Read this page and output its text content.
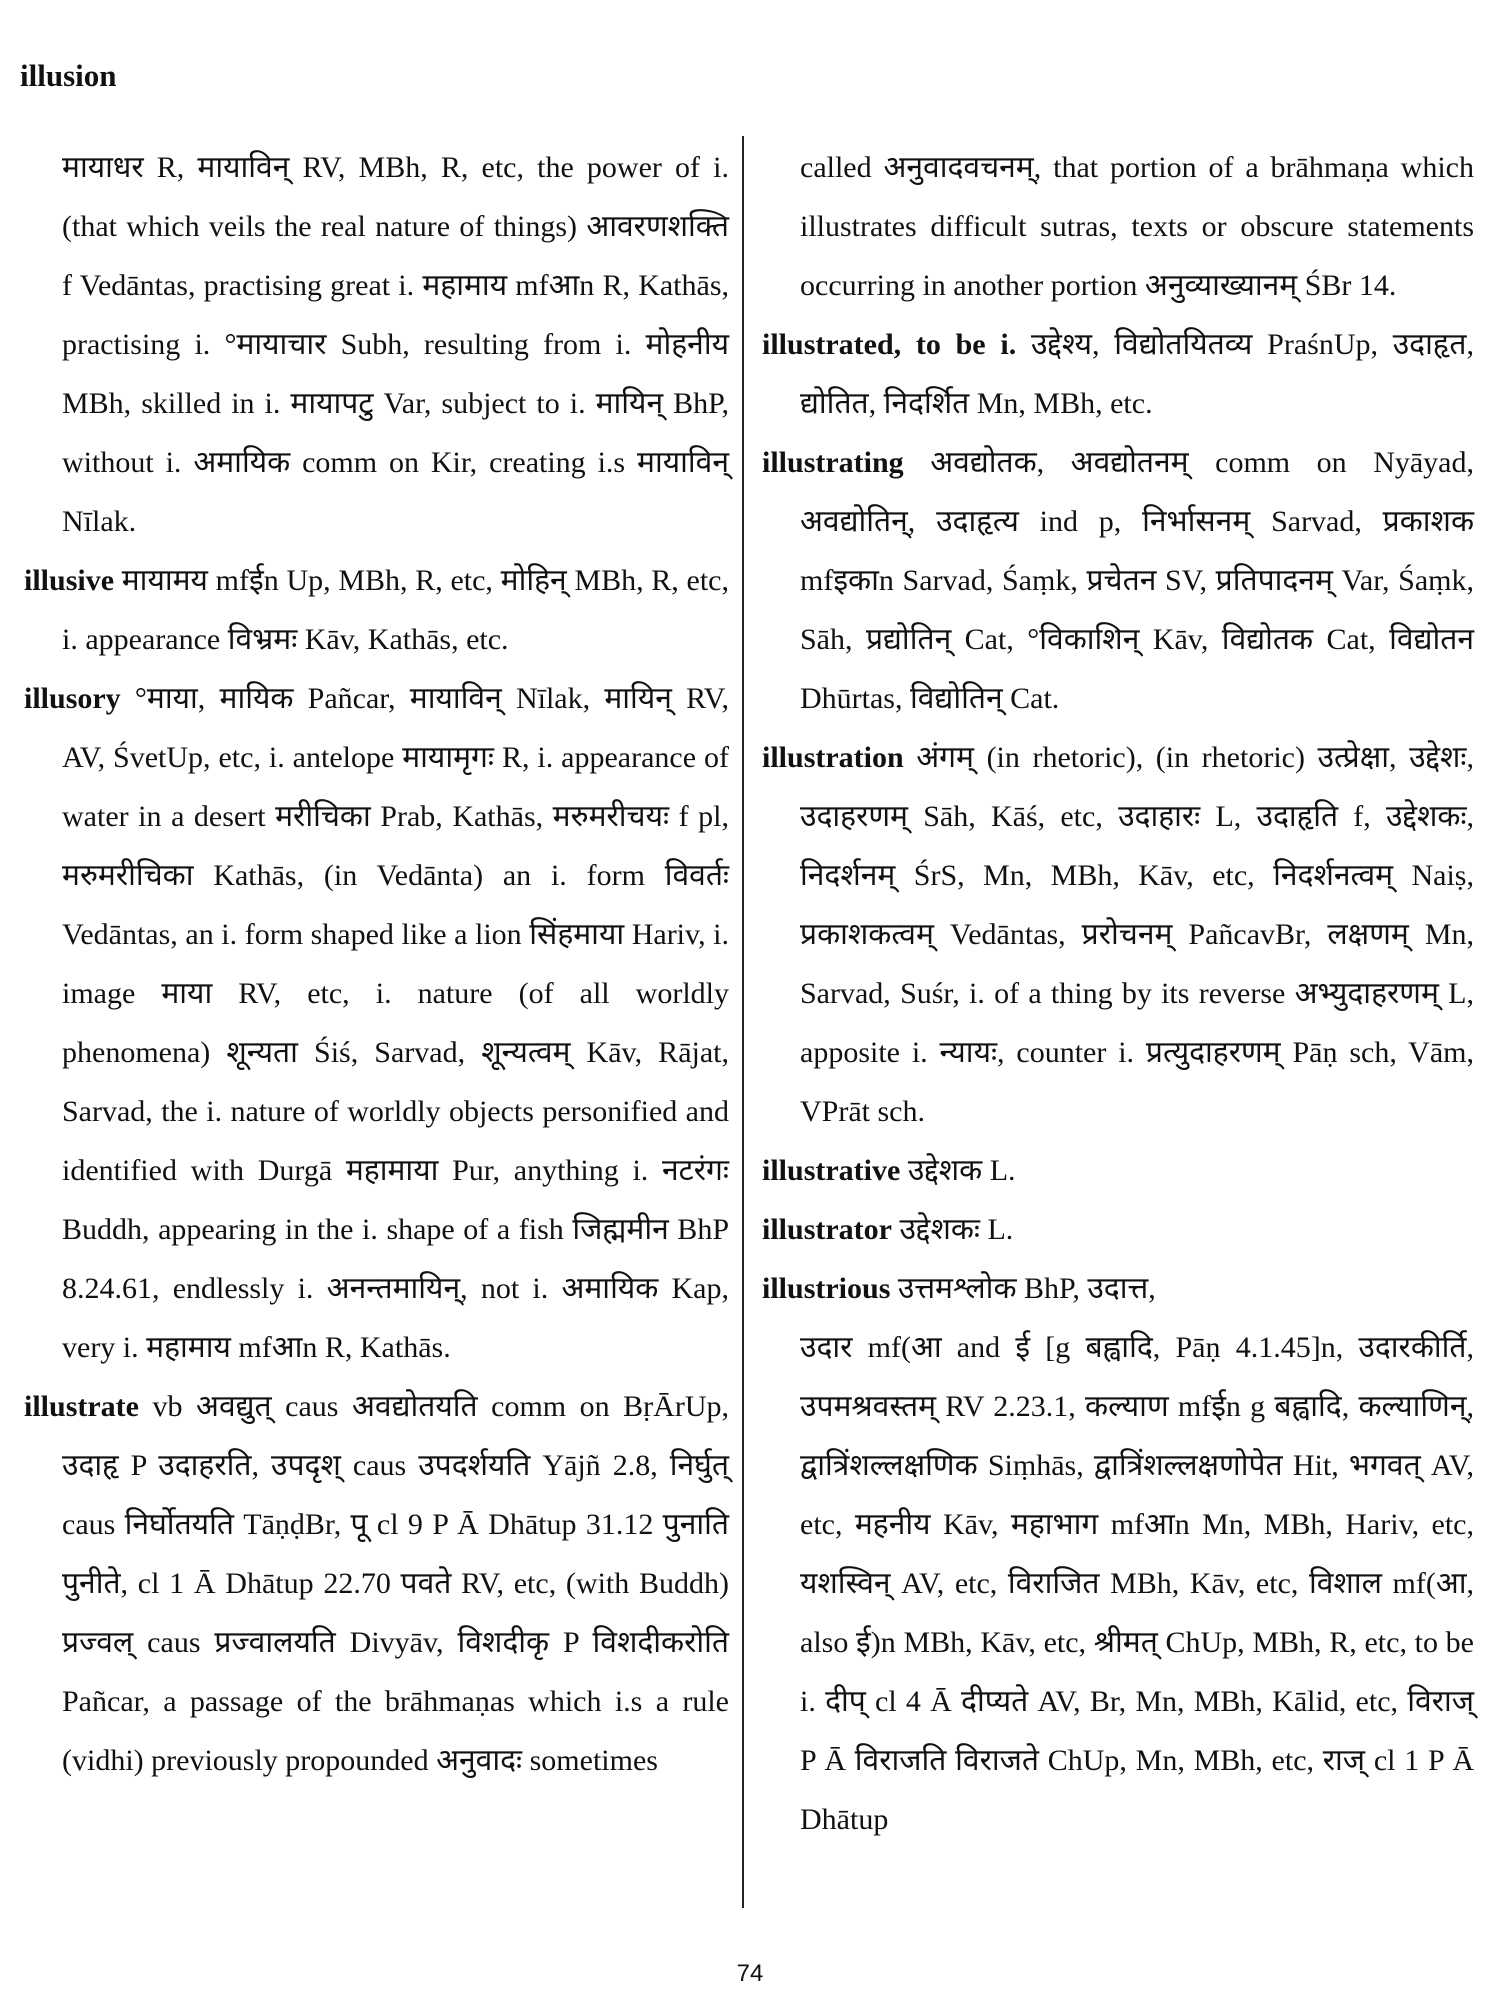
illusion

मायाधर R, मायाविन् RV, MBh, R, etc, the power of i. (that which veils the real nature of things) आवरणशक्ति f Vedāntas, practising great i. महामाय mfआn R, Kathās, practising i. °मायाचार Subh, resulting from i. मोहनीय MBh, skilled in i. मायापटु Var, subject to i. मायिन् BhP, without i. अमायिक comm on Kir, creating i.s मायाविन् Nīlak.

illusive मायामय mfईn Up, MBh, R, etc, मोहिन् MBh, R, etc, i. appearance विभ्रमः Kāv, Kathās, etc.

illusory °माया, मायिक Pañcar, मायाविन् Nīlak, मायिन् RV, AV, ŚvetUp, etc, i. antelope मायामृगः R, i. appearance of water in a desert मरीचिका Prab, Kathās, मरुमरीचयः f pl, मरुमरीचिका Kathās, (in Vedānta) an i. form विवर्तः Vedāntas, an i. form shaped like a lion सिंहमाया Hariv, i. image माया RV, etc, i. nature (of all worldly phenomena) शून्यता Śiś, Sarvad, शून्यत्वम् Kāv, Rājat, Sarvad, the i. nature of worldly objects personified and identified with Durgā महामाया Pur, anything i. नटरंगः Buddh, appearing in the i. shape of a fish जिह्ममीन BhP 8.24.61, endlessly i. अनन्तमायिन्, not i. अमायिक Kap, very i. महामाय mfआn R, Kathās.

illustrate vb अवद्युत् caus अवद्योतयति comm on BṛĀrUp, उदाहृ P उदाहरति, उपदृश् caus उपदर्शयति Yājñ 2.8, निर्घुत् caus निर्घोतयति TāṇḍBr, पू cl 9 P Ā Dhātup 31.12 पुनाति पुनीते, cl 1 Ā Dhātup 22.70 पवते RV, etc, (with Buddh) प्रज्वल् caus प्रज्वालयति Divyāv, विशदीकृ P विशदीकरोति Pañcar, a passage of the brāhmaṇas which i.s a rule (vidhi) previously propounded अनुवादः sometimes

called अनुवादवचनम्, that portion of a brāhmaṇa which illustrates difficult sutras, texts or obscure statements occurring in another portion अनुव्याख्यानम् ŚBr 14.

illustrated, to be i. उद्देश्य, विद्योतयितव्य PraśnUp, उदाहृत, द्योतित, निदर्शित Mn, MBh, etc.

illustrating अवद्योतक, अवद्योतनम् comm on Nyāyad, अवद्योतिन्, उदाहृत्य ind p, निर्भासनम् Sarvad, प्रकाशक mfइकाn Sarvad, Śaṃk, प्रचेतन SV, प्रतिपादनम् Var, Śaṃk, Sāh, प्रद्योतिन् Cat, °विकाशिन् Kāv, विद्योतक Cat, विद्योतन Dhūrtas, विद्योतिन् Cat.

illustration अंगम् (in rhetoric), (in rhetoric) उत्प्रेक्षा, उद्देशः, उदाहरणम् Sāh, Kāś, etc, उदाहारः L, उदाहृति f, उद्देशकः, निदर्शनम् ŚrS, Mn, MBh, Kāv, etc, निदर्शनत्वम् Naiṣ, प्रकाशकत्वम् Vedāntas, प्ररोचनम् PañcavBr, लक्षणम् Mn, Sarvad, Suśr, i. of a thing by its reverse अभ्युदाहरणम् L, apposite i. न्यायः, counter i. प्रत्युदाहरणम् Pāṇ sch, Vām, VPrāt sch.

illustrative उद्देशक L.

illustrator उद्देशकः L.

illustrious उत्तमश्लोक BhP, उदात्त,

उदार mf(आ and ई [g बह्वादि, Pāṇ 4.1.45]n, उदारकीर्ति, उपमश्रवस्तम् RV 2.23.1, कल्याण mfईn g बह्वादि, कल्याणिन्, द्वात्रिंशल्लक्षणिक Siṃhās, द्वात्रिंशल्लक्षणोपेत Hit, भगवत् AV, etc, महनीय Kāv, महाभाग mfआn Mn, MBh, Hariv, etc, यशस्विन् AV, etc, विराजित MBh, Kāv, etc, विशाल mf(आ, also ई)n MBh, Kāv, etc, श्रीमत् ChUp, MBh, R, etc, to be i. दीप् cl 4 Ā दीप्यते AV, Br, Mn, MBh, Kālid, etc, विराज् P Ā विराजति विराजते ChUp, Mn, MBh, etc, राज् cl 1 P Ā Dhātup

74
